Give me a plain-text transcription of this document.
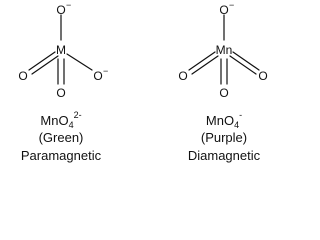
O −
M
O
O
O −
MnO$_4^{2-}$
(Green)
Paramagnetic
O −
Mn
O
O
O
MnO$_4$-
(Purple)
Diamagnetic
